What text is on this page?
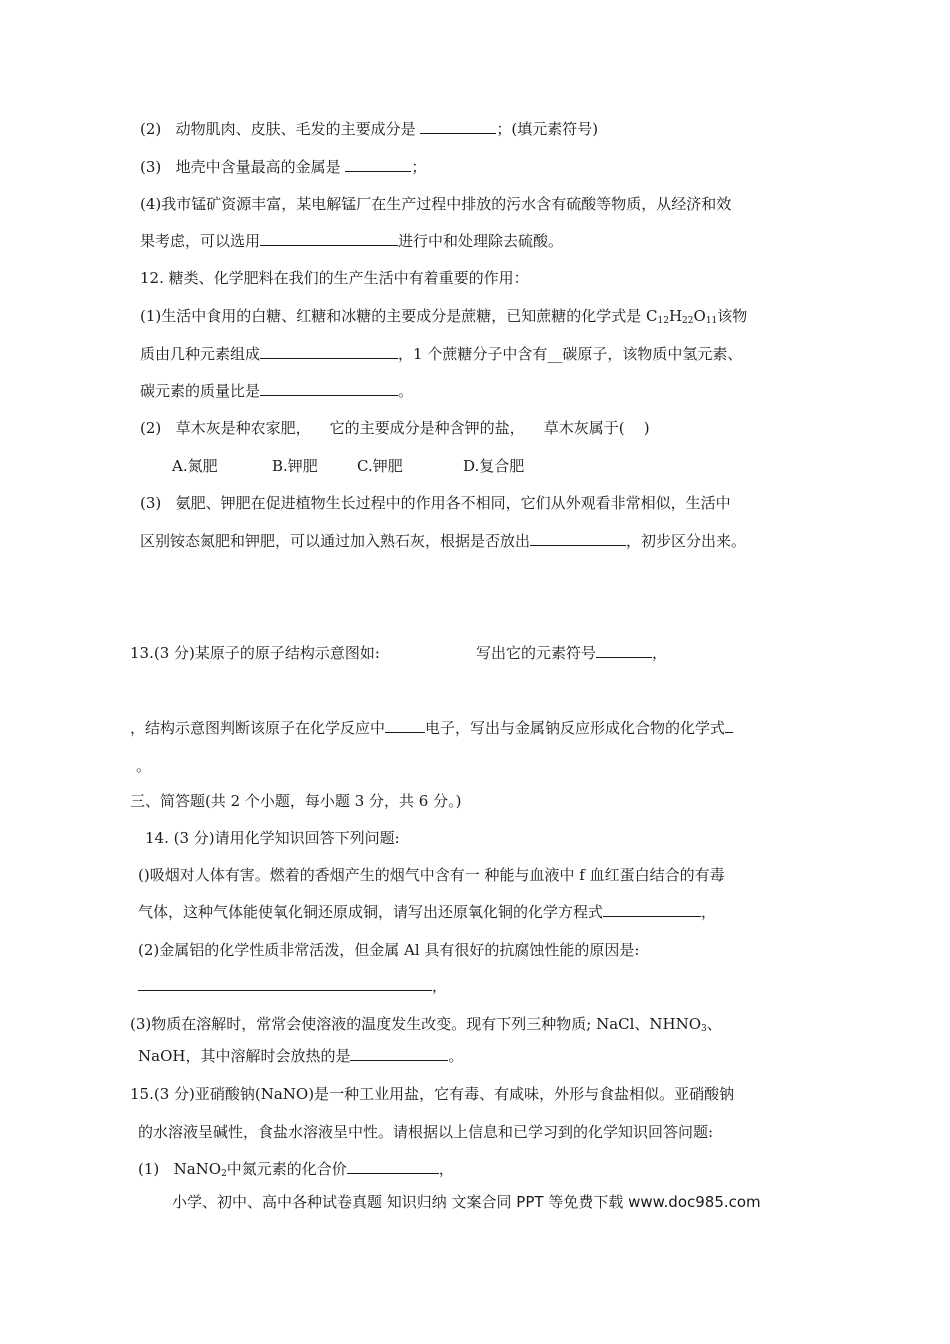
(2) 动物肌肉、皮肤、毛发的主要成分是	；(填元素符号)
(3) 地壳中含量最高的金属是	；
(4)我市锰矿资源丰富，某电解锰厂在生产过程中排放的污水含有硫酸等物质，从经济和效
果考虑，可以选用	进行中和处理除去硫酸。
12. 糖类、化学肥料在我们的生产生活中有着重要的作用：
(1)生活中食用的白糖、红糖和冰糖的主要成分是蔗糖，已知蔗糖的化学式是 $C_{12}H_{22}O_{11}$该物
质由几种元素组成	，1 个蔗糖分子中含有__碳原子，该物质中氢元素、
碳元素的质量比是	。
(2) 草木灰是种农家肥， 它的主要成分是种含钾的盐， 草木灰属于( )
A.氮肥	B.钾肥	C.钾肥	D.复合肥
(3) 氨肥、钾肥在促进植物生长过程中的作用各不相同，它们从外观看非常相似，生活中
区别铵态氮肥和钾肥，可以通过加入熟石灰，根据是否放出	，初步区分出来。
13.(3 分)某原子的原子结构示意图如:	写出它的元素符号	，
，结构示意图判断该原子在化学反应中	电子，写出与金属钠反应形成化合物的化学式
。
三、简答题(共 2 个小题，每小题 3 分，共 6 分。)
14. (3 分)请用化学知识回答下列问题:
()吸烟对人体有害。燃着的香烟产生的烟气中含有一 种能与血液中 f 血红蛋白结合的有毒
气体，这种气体能使氧化铜还原成铜，请写出还原氧化铜的化学方程式	，
(2)金属铝的化学性质非常活泼，但金属 Al 具有很好的抗腐蚀性能的原因是:
，
(3)物质在溶解时，常常会使溶液的温度发生改变。现有下列三种物质; NaCl、$NHNO_3$、
NaOH，其中溶解时会放热的是	。
15.(3 分)亚硝酸钠(NaNO)是一种工业用盐，它有毒、有咸味，外形与食盐相似。亚硝酸钠
的水溶液呈碱性，食盐水溶液呈中性。请根据以上信息和已学习到的化学知识回答问题:
(1) NaNO$_2$中氮元素的化合价	，
小学、初中、高中各种试卷真题 知识归纳 文案合同 PPT 等免费下载 www.doc985.com
